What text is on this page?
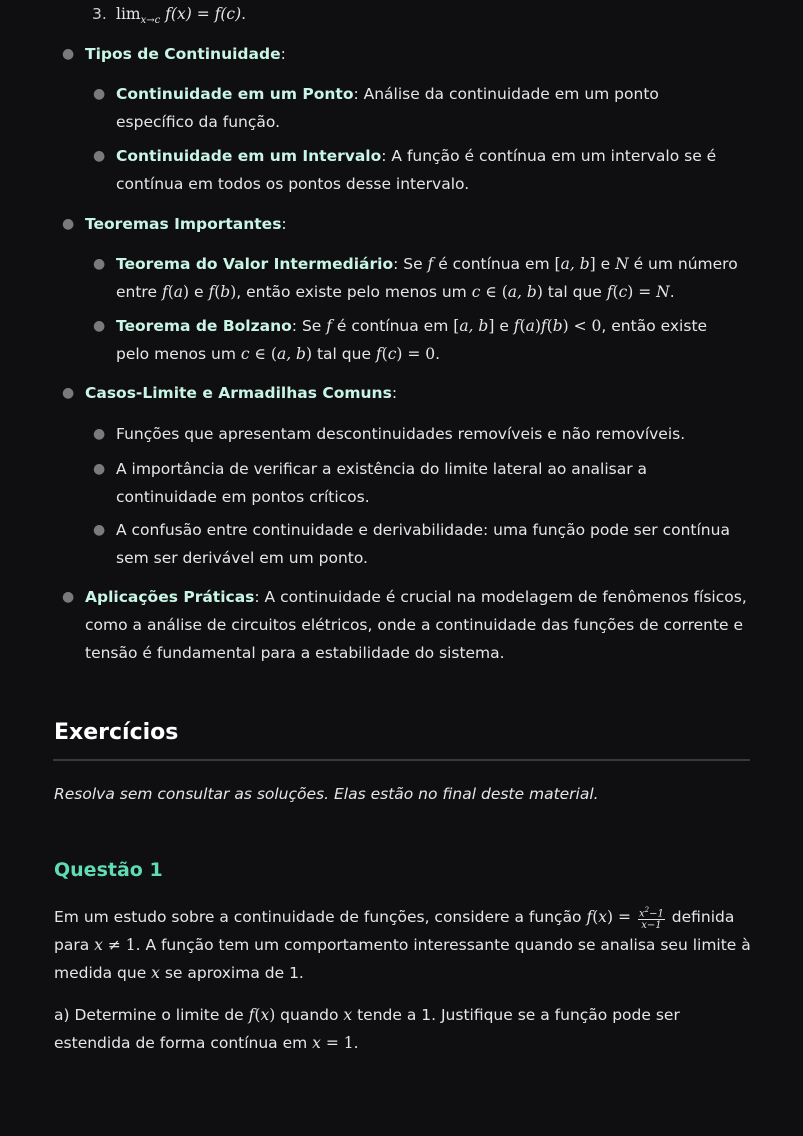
3. $\lim_{x\to c} f(x) = f(c)$.
● Tipos de Continuidade:
● Continuidade em um Ponto: Análise da continuidade em um ponto específico da função.
● Continuidade em um Intervalo: A função é contínua em um intervalo se é contínua em todos os pontos desse intervalo.
● Teoremas Importantes:
● Teorema do Valor Intermediário: Se f é contínua em [a, b] e N é um número entre f(a) e f(b), então existe pelo menos um c ∈ (a, b) tal que f(c) = N.
● Teorema de Bolzano: Se f é contínua em [a, b] e f(a)f(b) < 0, então existe pelo menos um c ∈ (a, b) tal que f(c) = 0.
● Casos-Limite e Armadilhas Comuns:
● Funções que apresentam descontinuidades removíveis e não removíveis.
● A importância de verificar a existência do limite lateral ao analisar a continuidade em pontos críticos.
● A confusão entre continuidade e derivabilidade: uma função pode ser contínua sem ser derivável em um ponto.
● Aplicações Práticas: A continuidade é crucial na modelagem de fenômenos físicos, como a análise de circuitos elétricos, onde a continuidade das funções de corrente e tensão é fundamental para a estabilidade do sistema.
Exercícios
Resolva sem consultar as soluções. Elas estão no final deste material.
Questão 1
Em um estudo sobre a continuidade de funções, considere a função $f(x) = \frac{x^2-1}{x-1}$ definida para x ≠ 1. A função tem um comportamento interessante quando se analisa seu limite à medida que x se aproxima de 1.
a) Determine o limite de f(x) quando x tende a 1. Justifique se a função pode ser estendida de forma contínua em x = 1.
